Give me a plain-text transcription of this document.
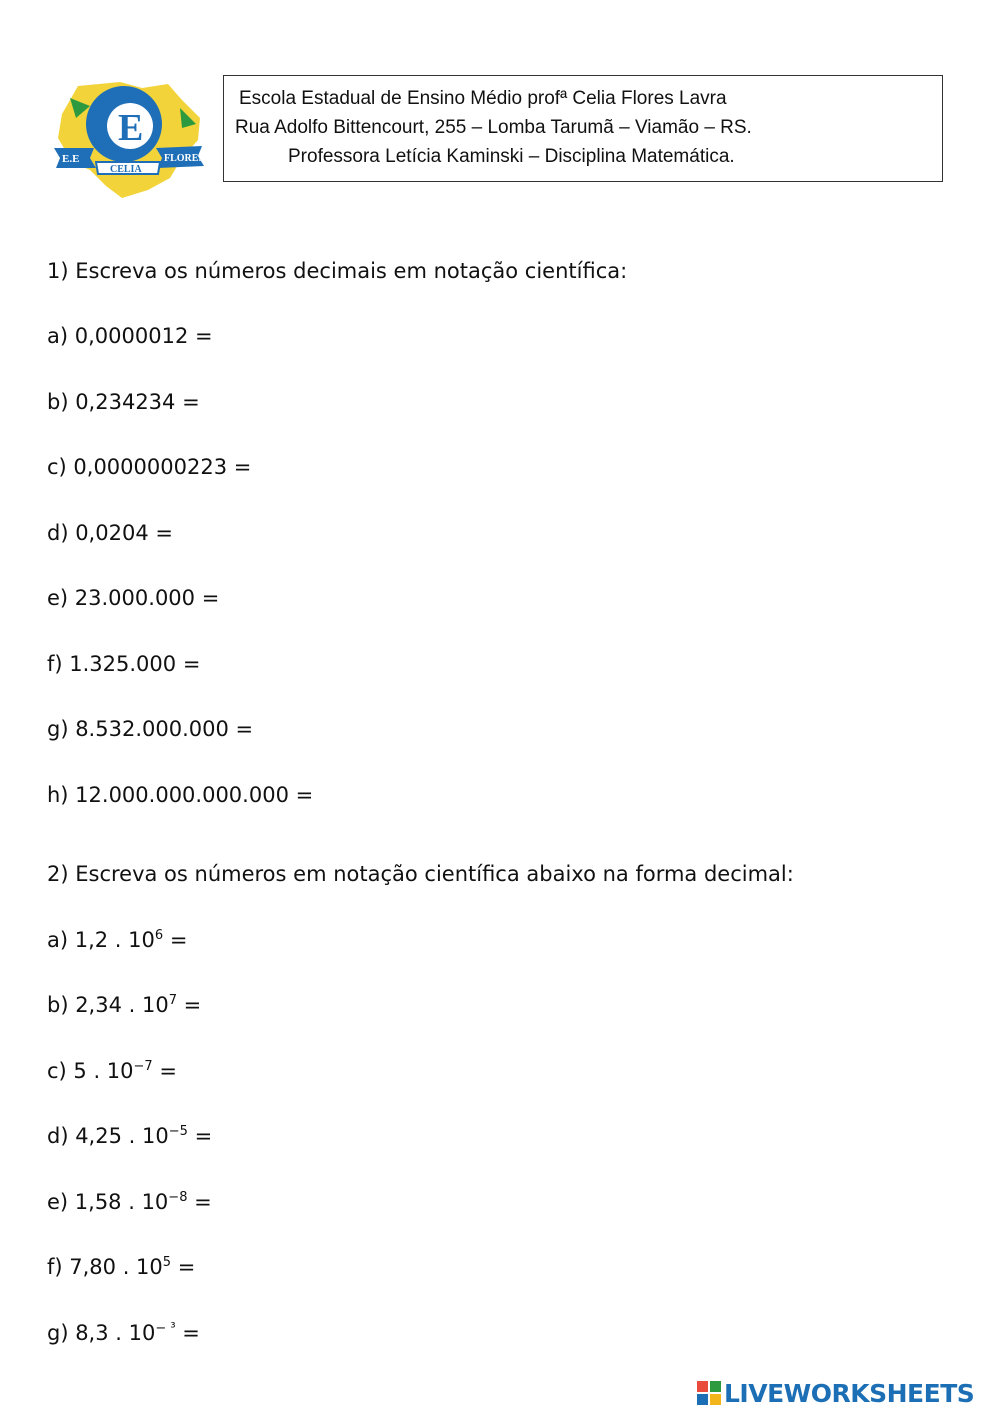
E
E.E	FLORES
CELIA
Escola Estadual de Ensino Médio profª Celia Flores Lavra
Rua Adolfo Bittencourt, 255 – Lomba Tarumã – Viamão – RS.
Professora Letícia Kaminski – Disciplina Matemática.
1) Escreva os números decimais em notação científica:
a) 0,0000012 =
b) 0,234234 =
c) 0,0000000223 =
d) 0,0204 =
e) 23.000.000 =
f) 1.325.000 =
g) 8.532.000.000 =
h) 12.000.000.000.000 =
2) Escreva os números em notação científica abaixo na forma decimal:
a) 1,2 . $10^6$ =
b) 2,34 . $10^7$ =
c) 5 . $10^{-7}$ =
d) 4,25 . $10^{-5}$ =
e) 1,58 . $10^{-8}$ =
f) 7,80 . $10^5$ =
g) 8,3 . $10^{- ^3}$ =
LIVEWORKSHEETS
